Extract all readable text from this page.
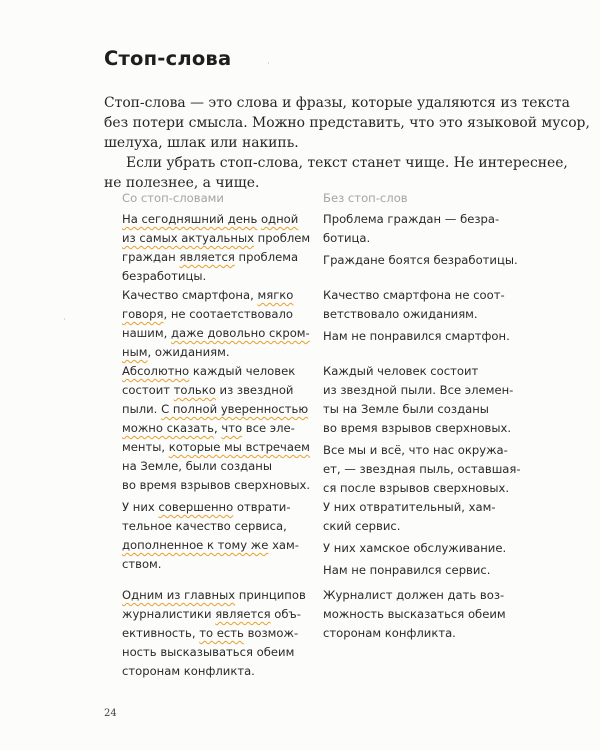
Стоп-слова

Стоп-слова — это слова и фразы, которые удаляются из текста

без потери смысла. Можно представить, что это языковой мусор,

шелуха, шлак или накипь.

Если убрать стоп-слова, текст станет чище. Не интереснее,

не полезнее, а чище.

Со стоп-словами	Без стоп-слов
На сегодняшний день одной
из самых актуальных проблем
граждан является проблема
безработицы.
Качество смартфона, мягко
говоря, не соотаетствовало
нашим, даже довольно скром-
ным, ожиданиям.
Абсолютно каждый человек
состоит только из звездной
пыли. С полной уверенностью
можно сказать, что все эле-
менты, которые мы встречаем
на Земле, были созданы
во время взрывов сверхновых.
У них совершенно отврати-
тельное качество сервиса,
дополненное к тому же хам-
ством.
Одним из главных принципов
журналистики является объ-
ективность, то есть возмож-
ность высказываться обеим
сторонам конфликта.
Проблема граждан — безра-
ботица.
Граждане боятся безработицы.
Качество смартфона не соот-
ветствовало ожиданиям.
Нам не понравился смартфон.
Каждый человек состоит
из звездной пыли. Все элемен-
ты на Земле были созданы
во время взрывов сверхновых.
Все мы и всё, что нас окружа-
ет, — звездная пыль, оставшая-
ся после взрывов сверхновых.
У них отвратительный, хам-
ский сервис.
У них хамское обслуживание.
Нам не понравился сервис.
Журналист должен дать воз-
можность высказаться обеим
сторонам конфликта.
24
